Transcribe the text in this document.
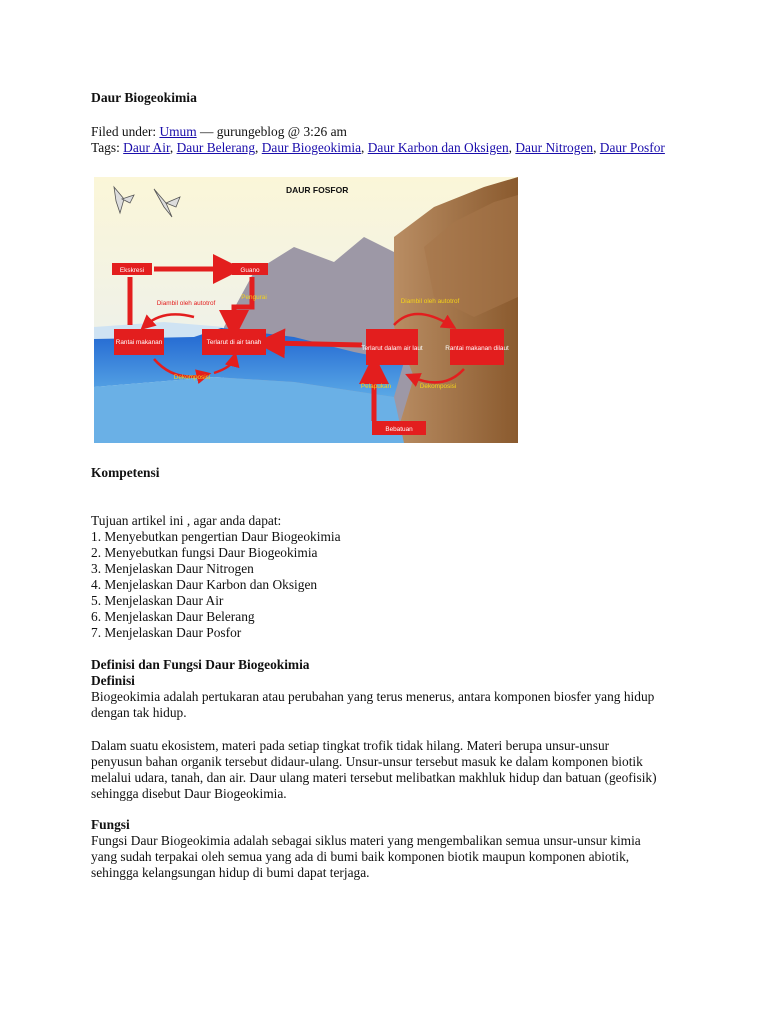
Daur Biogeokimia
Filed under: Umum — gurungeblog @ 3:26 am
Tags: Daur Air, Daur Belerang, Daur Biogeokimia, Daur Karbon dan Oksigen, Daur Nitrogen, Daur Posfor
DAUR FOSFOR
Ekskresi	Guano
Rantai makanan	Terlarut di air tanah
Terlarut dalam air laut	Rantai makanan dilaut
Bebatuan
Diambil oleh autotrof
Pengurai
Dekomposisi
Diambil oleh autotrof
Pelapukan	Dekomposisi
Kompetensi

Tujuan artikel ini , agar anda dapat:

1. Menyebutkan pengertian Daur Biogeokimia
2. Menyebutkan fungsi Daur Biogeokimia
3. Menjelaskan Daur Nitrogen
4. Menjelaskan Daur Karbon dan Oksigen
5. Menjelaskan Daur Air
6. Menjelaskan Daur Belerang
7. Menjelaskan Daur Posfor

Definisi dan Fungsi Daur Biogeokimia

Definisi

Biogeokimia adalah pertukaran atau perubahan yang terus menerus, antara komponen biosfer yang hidup

dengan tak hidup.

Dalam suatu ekosistem, materi pada setiap tingkat trofik tidak hilang. Materi berupa unsur-unsur

penyusun bahan organik tersebut didaur-ulang. Unsur-unsur tersebut masuk ke dalam komponen biotik

melalui udara, tanah, dan air. Daur ulang materi tersebut melibatkan makhluk hidup dan batuan (geofisik)

sehingga disebut Daur Biogeokimia.

Fungsi

Fungsi Daur Biogeokimia adalah sebagai siklus materi yang mengembalikan semua unsur-unsur kimia

yang sudah terpakai oleh semua yang ada di bumi baik komponen biotik maupun komponen abiotik,

sehingga kelangsungan hidup di bumi dapat terjaga.
